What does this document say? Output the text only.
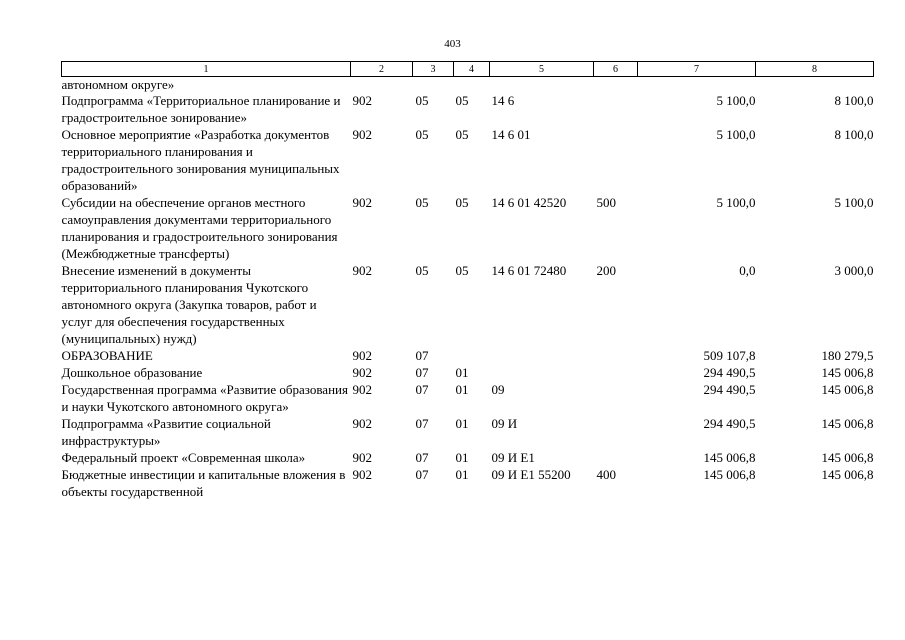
403
1	2	3	4	5	6	7	8
автономном округе»							
Подпрограмма «Территориальное планирование и градостроительное зонирование»	902	05	05	14 6		5 100,0	8 100,0
Основное мероприятие «Разработка документов территориального планирования и градостроительного зонирования муниципальных образований»	902	05	05	14 6 01		5 100,0	8 100,0
Субсидии на обеспечение органов местного самоуправления документами территориального планирования и градостроительного зонирования (Межбюджетные трансферты)	902	05	05	14 6 01 42520	500	5 100,0	5 100,0
Внесение изменений в документы территориального планирования Чукотского автономного округа (Закупка товаров, работ и услуг для обеспечения государственных (муниципальных) нужд)	902	05	05	14 6 01 72480	200	0,0	3 000,0
ОБРАЗОВАНИЕ	902	07				509 107,8	180 279,5
Дошкольное образование	902	07	01			294 490,5	145 006,8
Государственная программа «Развитие образования и науки Чукотского автономного округа»	902	07	01	09		294 490,5	145 006,8
Подпрограмма «Развитие социальной инфраструктуры»	902	07	01	09 И		294 490,5	145 006,8
Федеральный проект «Современная школа»	902	07	01	09 И Е1		145 006,8	145 006,8
Бюджетные инвестиции и капитальные вложения в объекты государственной	902	07	01	09 И Е1 55200	400	145 006,8	145 006,8
